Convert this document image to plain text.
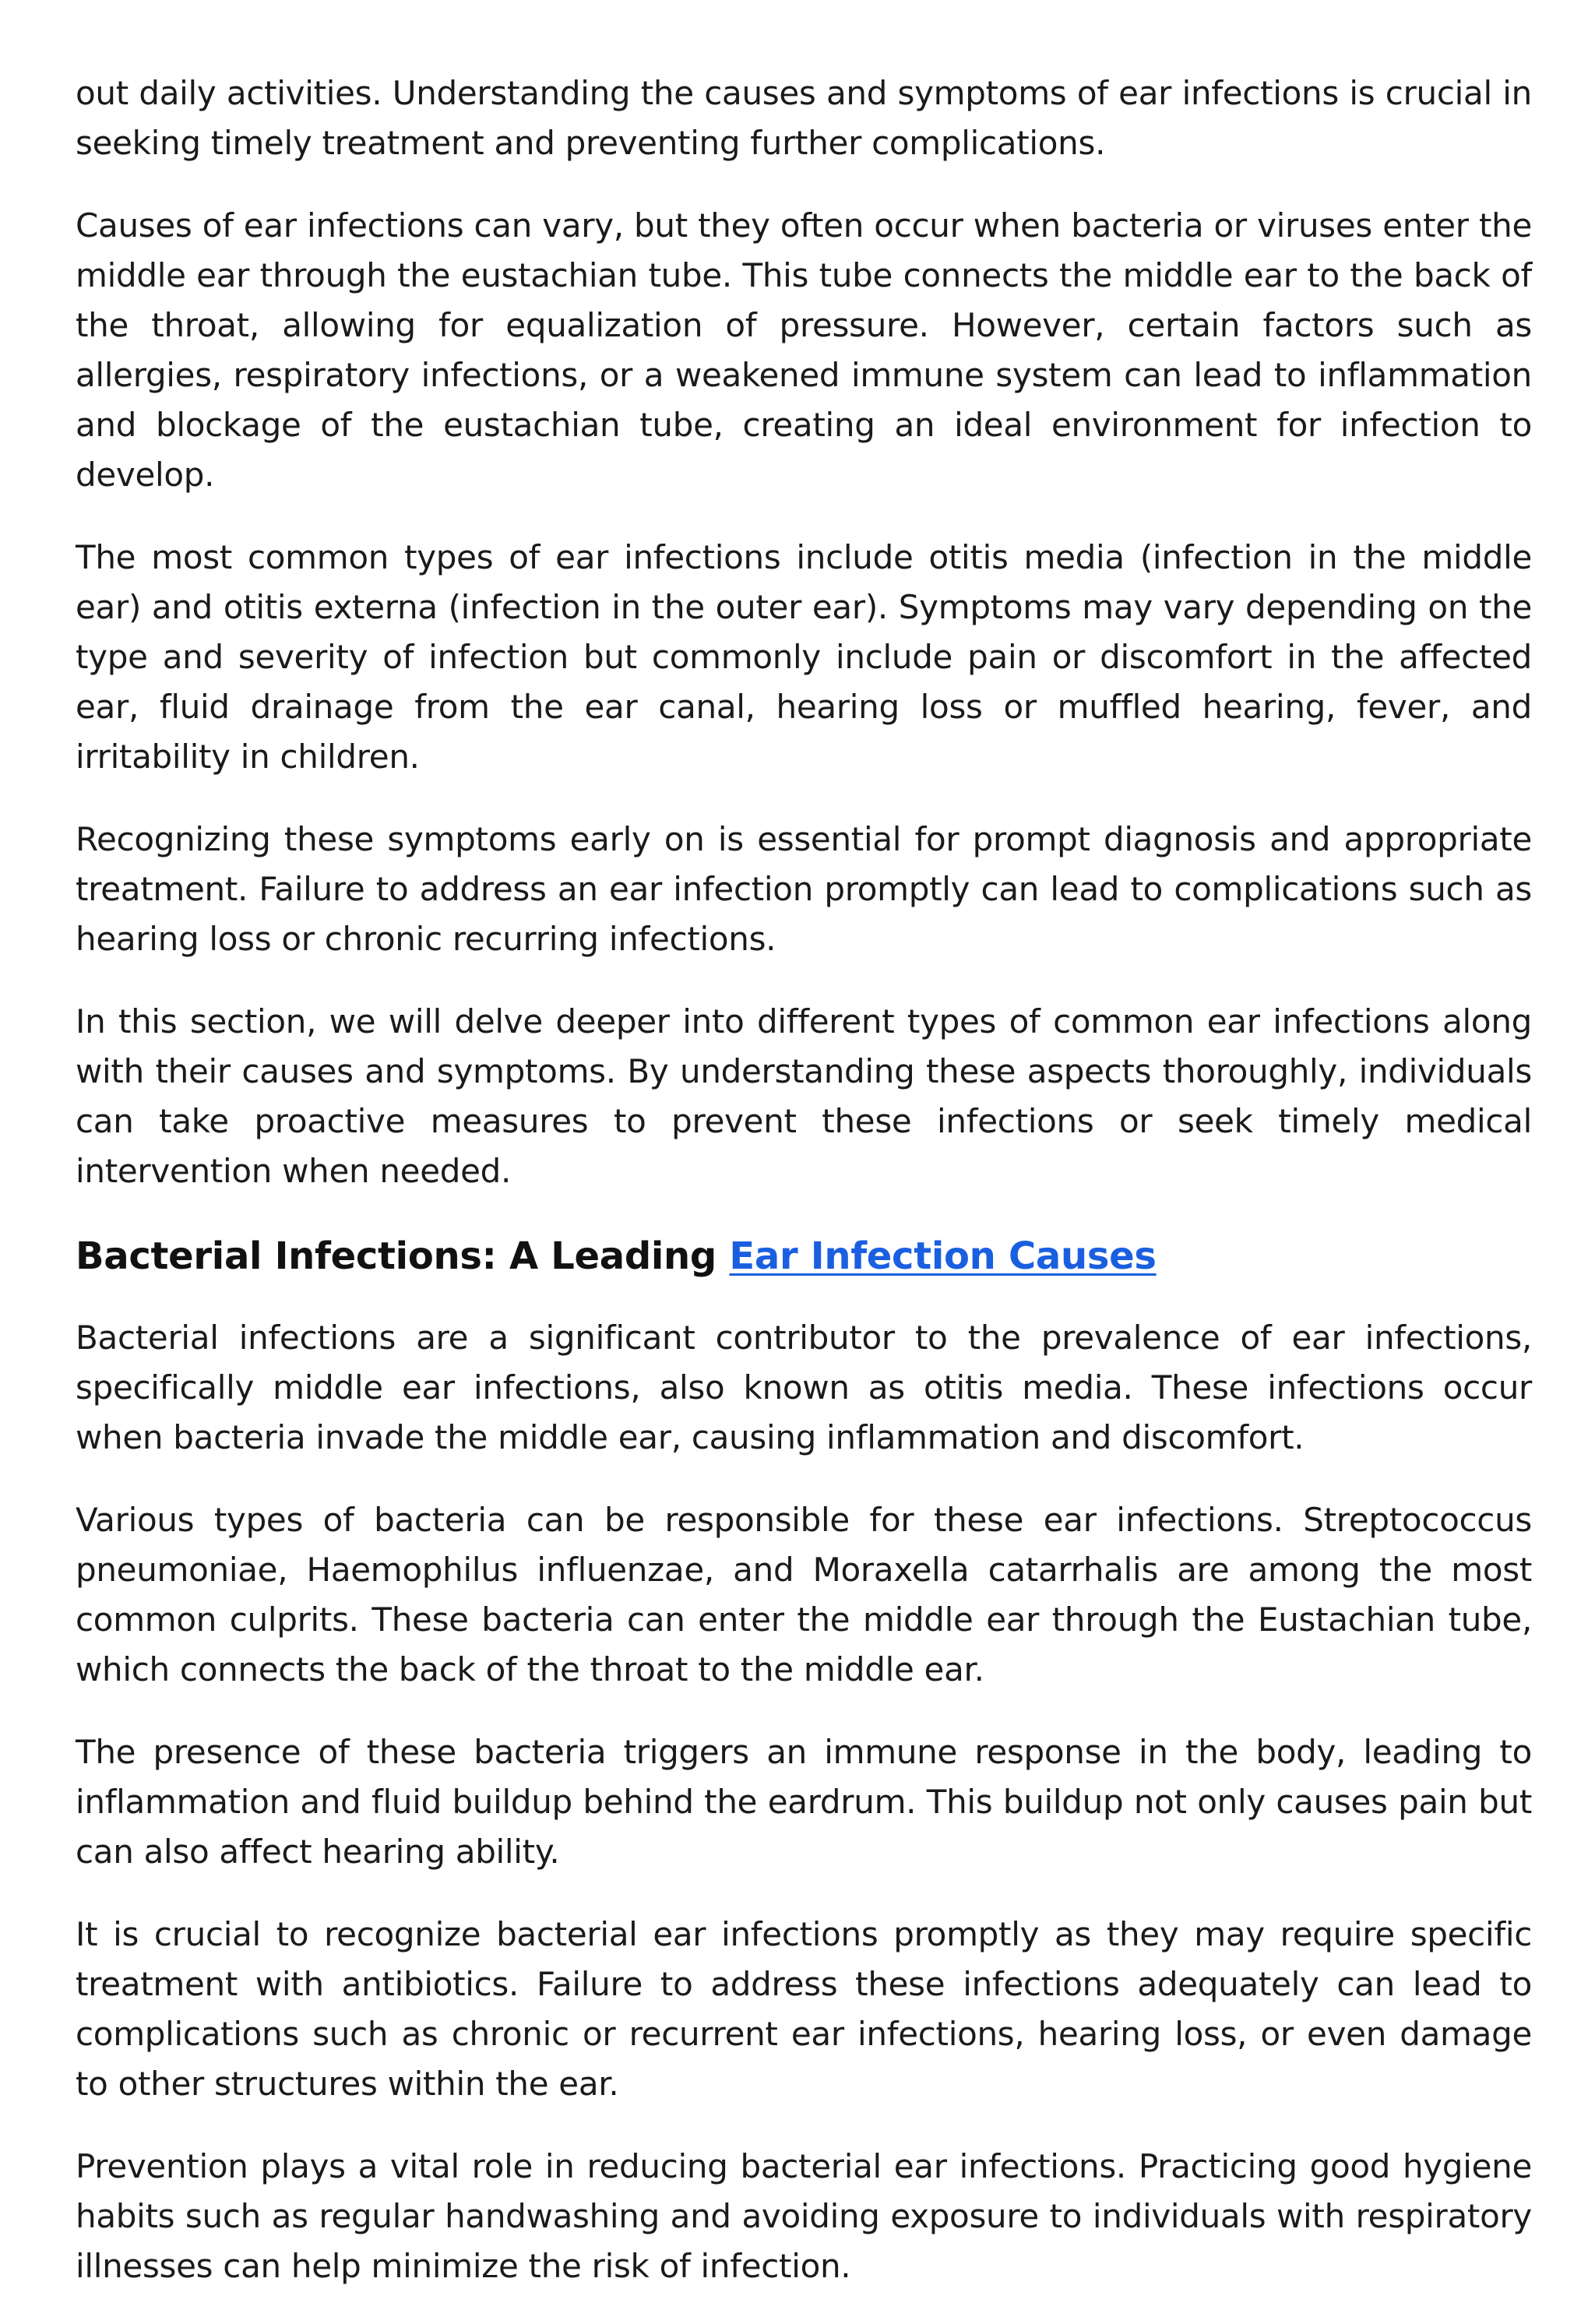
out daily activities. Understanding the causes and symptoms of ear infections is crucial in seeking timely treatment and preventing further complications.

Causes of ear infections can vary, but they often occur when bacteria or viruses enter the middle ear through the eustachian tube. This tube connects the middle ear to the back of the throat, allowing for equalization of pressure. However, certain factors such as allergies, respiratory infections, or a weakened immune system can lead to inflammation and blockage of the eustachian tube, creating an ideal environment for infection to develop.

The most common types of ear infections include otitis media (infection in the middle ear) and otitis externa (infection in the outer ear). Symptoms may vary depending on the type and severity of infection but commonly include pain or discomfort in the affected ear, fluid drainage from the ear canal, hearing loss or muffled hearing, fever, and irritability in children.

Recognizing these symptoms early on is essential for prompt diagnosis and appropriate treatment. Failure to address an ear infection promptly can lead to complications such as hearing loss or chronic recurring infections.

In this section, we will delve deeper into different types of common ear infections along with their causes and symptoms. By understanding these aspects thoroughly, individuals can take proactive measures to prevent these infections or seek timely medical intervention when needed.

Bacterial Infections: A Leading Ear Infection Causes

Bacterial infections are a significant contributor to the prevalence of ear infections, specifically middle ear infections, also known as otitis media. These infections occur when bacteria invade the middle ear, causing inflammation and discomfort.

Various types of bacteria can be responsible for these ear infections. Streptococcus pneumoniae, Haemophilus influenzae, and Moraxella catarrhalis are among the most common culprits. These bacteria can enter the middle ear through the Eustachian tube, which connects the back of the throat to the middle ear.

The presence of these bacteria triggers an immune response in the body, leading to inflammation and fluid buildup behind the eardrum. This buildup not only causes pain but can also affect hearing ability.

It is crucial to recognize bacterial ear infections promptly as they may require specific treatment with antibiotics. Failure to address these infections adequately can lead to complications such as chronic or recurrent ear infections, hearing loss, or even damage to other structures within the ear.

Prevention plays a vital role in reducing bacterial ear infections. Practicing good hygiene habits such as regular handwashing and avoiding exposure to individuals with respiratory illnesses can help minimize the risk of infection.
